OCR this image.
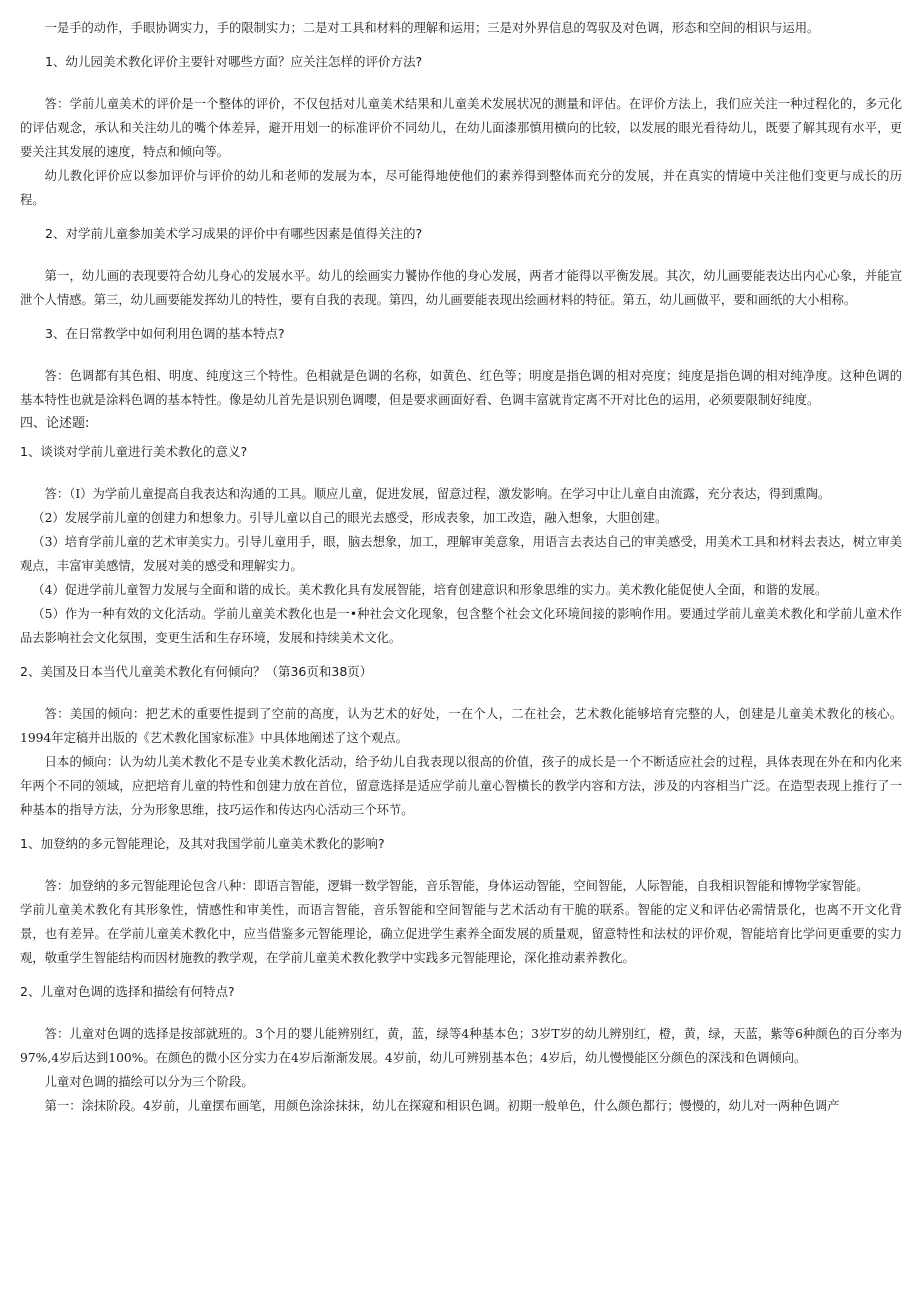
一是手的动作，手眼协调实力，手的限制实力；二是对工具和材料的理解和运用；三是对外界信息的驾驭及对色调，形态和空间的相识与运用。

1、幼儿园美术教化评价主要针对哪些方面？应关注怎样的评价方法?

答：学前儿童美术的评价是一个整体的评价，不仅包括对儿童美术结果和儿童美术发展状况的测量和评估。在评价方法上，我们应关注一种过程化的，多元化的评估观念，承认和关注幼儿的嘴个体差异，避开用划一的标准评价不同幼儿，在幼儿面漆那慎用横向的比较，以发展的眼光看待幼儿，既要了解其现有水平，更要关注其发展的速度，特点和倾向等。

幼儿教化评价应以参加评价与评价的幼儿和老师的发展为本，尽可能得地使他们的素养得到整体而充分的发展，并在真实的情境中关注他们变更与成长的历程。

2、对学前儿童参加美术学习成果的评价中有哪些因素是值得关注的?

第一，幼儿画的表现要符合幼儿身心的发展水平。幼儿的绘画实力饕协作他的身心发展，两者才能得以平衡发展。其次，幼儿画要能表达出内心心象，并能宣泄个人情感。第三，幼儿画要能发挥幼儿的特性，要有自我的表现。第四，幼儿画要能表现出绘画材料的特征。第五，幼儿画做平，要和画纸的大小相称。

3、在日常教学中如何利用色调的基本特点?

答：色调都有其色相、明度、纯度这三个特性。色相就是色调的名称，如黄色、红色等；明度是指色调的相对亮度；纯度是指色调的相对纯净度。这种色调的基本特性也就是涂料色调的基本特性。像是幼儿首先是识别色调嘤，但是要求画面好看、色调丰富就肯定离不开对比色的运用，必须要限制好纯度。

四、论述题:

1、谈谈对学前儿童进行美术教化的意义?

答：（I）为学前儿童提高自我表达和沟通的工具。顺应儿童，促进发展，留意过程，激发影响。在学习中让儿童自由流露，充分表达，得到熏陶。

（2）发展学前儿童的创建力和想象力。引导儿童以自己的眼光去感受，形成表象，加工改造，融入想象，大胆创建。

（3）培育学前儿童的艺术审美实力。引导儿童用手，眼，脑去想象，加工，理解审美意象，用语言去表达自己的审美感受，用美术工具和材料去表达，树立审美观点，丰富审美感情，发展对美的感受和理解实力。

（4）促进学前儿童智力发展与全面和谐的成长。美术教化具有发展智能，培育创建意识和形象思维的实力。美术教化能促使人全面，和谐的发展。

（5）作为一种有效的文化活动。学前儿童美术教化也是一•种社会文化现象，包含整个社会文化环境间接的影响作用。要通过学前儿童美术教化和学前儿童术作品去影响社会文化氛围，变更生活和生存环境，发展和持续美术文化。

2、美国及日本当代儿童美术教化有何倾向？（第36页和38页）

答：美国的倾向：把艺术的重要性提到了空前的高度，认为艺术的好处，一在个人，二在社会，艺术教化能够培育完整的人，创建是儿童美术教化的核心。1994年定稿并出版的《艺术教化国家标准》中具体地阐述了这个观点。

日本的倾向：认为幼儿美术教化不是专业美术教化活动，给予幼儿自我表现以很高的价值，孩子的成长是一个不断适应社会的过程，具体表现在外在和内化来年两个不同的领域，应把培育儿童的特性和创建力放在首位，留意选择是适应学前儿童心智横长的教学内容和方法，涉及的内容相当广泛。在造型表现上推行了一种基本的指导方法，分为形象思维，技巧运作和传达内心活动三个环节。

1、加登纳的多元智能理论，及其对我国学前儿童美术教化的影响?

答：加登纳的多元智能理论包含八种：即语言智能，逻辑一数学智能，音乐智能，身体运动智能，空间智能，人际智能，自我相识智能和博物学家智能。

学前儿童美术教化有其形象性，情感性和审美性，而语言智能，音乐智能和空间智能与艺术活动有干脆的联系。智能的定义和评估必需情景化，也离不开文化背景，也有差异。在学前儿童美术教化中，应当借鉴多元智能理论，确立促进学生素养全面发展的质量观，留意特性和法杖的评价观，智能培育比学问更重要的实力观，敬重学生智能结构而因材施教的教学观，在学前儿童美术教化教学中实践多元智能理论，深化推动素养教化。

2、儿童对色调的选择和描绘有何特点?

答：儿童对色调的选择是按部就班的。3个月的婴儿能辨别红，黄，蓝，绿等4种基本色；3岁T岁的幼儿辨别红，橙，黄，绿，天蓝，紫等6种颜色的百分率为97%,4岁后达到100%。在颜色的微小区分实力在4岁后渐渐发展。4岁前，幼儿可辨别基本色；4岁后，幼儿慢慢能区分颜色的深浅和色调倾向。

儿童对色调的描绘可以分为三个阶段。

第一：涂抹阶段。4岁前，儿童摆布画笔，用颜色涂涂抹抹，幼儿在探窥和相识色调。初期一般单色，什么颜色都行；慢慢的，幼儿对一两种色调产
